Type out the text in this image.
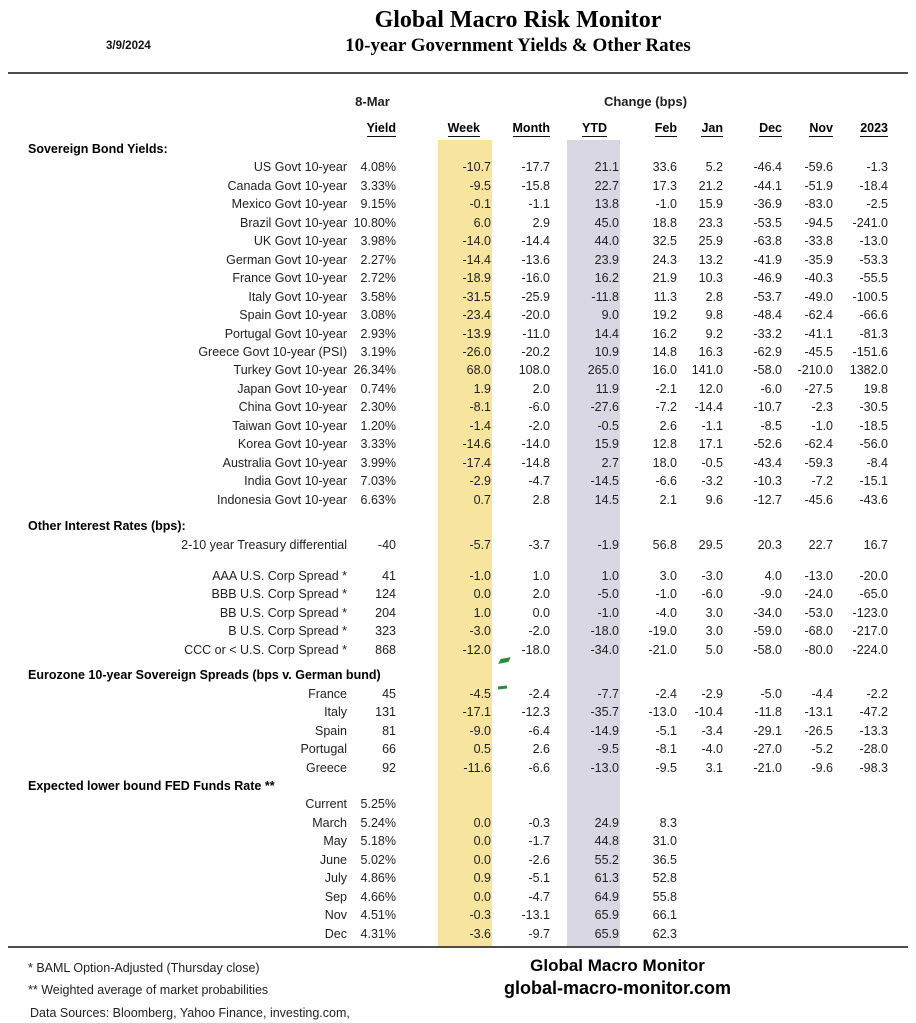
3/9/2024
Global Macro Risk Monitor
10-year Government Yields & Other Rates
8-Mar	Change (bps)
	Yield		Week	Month		YTD	Feb	Jan	Dec	Nov	2023
Sovereign Bond Yields:											
US Govt 10-year	4.08%		-10.7	-17.7		21.1	33.6	5.2	-46.4	-59.6	-1.3
Canada Govt 10-year	3.33%		-9.5	-15.8		22.7	17.3	21.2	-44.1	-51.9	-18.4
Mexico Govt 10-year	9.15%		-0.1	-1.1		13.8	-1.0	15.9	-36.9	-83.0	-2.5
Brazil Govt 10-year	10.80%		6.0	2.9		45.0	18.8	23.3	-53.5	-94.5	-241.0
UK Govt 10-year	3.98%		-14.0	-14.4		44.0	32.5	25.9	-63.8	-33.8	-13.0
German Govt 10-year	2.27%		-14.4	-13.6		23.9	24.3	13.2	-41.9	-35.9	-53.3
France Govt 10-year	2.72%		-18.9	-16.0		16.2	21.9	10.3	-46.9	-40.3	-55.5
Italy Govt 10-year	3.58%		-31.5	-25.9		-11.8	11.3	2.8	-53.7	-49.0	-100.5
Spain Govt 10-year	3.08%		-23.4	-20.0		9.0	19.2	9.8	-48.4	-62.4	-66.6
Portugal Govt 10-year	2.93%		-13.9	-11.0		14.4	16.2	9.2	-33.2	-41.1	-81.3
Greece Govt 10-year (PSI)	3.19%		-26.0	-20.2		10.9	14.8	16.3	-62.9	-45.5	-151.6
Turkey Govt 10-year	26.34%		68.0	108.0		265.0	16.0	141.0	-58.0	-210.0	1382.0
Japan Govt 10-year	0.74%		1.9	2.0		11.9	-2.1	12.0	-6.0	-27.5	19.8
China Govt 10-year	2.30%		-8.1	-6.0		-27.6	-7.2	-14.4	-10.7	-2.3	-30.5
Taiwan Govt 10-year	1.20%		-1.4	-2.0		-0.5	2.6	-1.1	-8.5	-1.0	-18.5
Korea Govt 10-year	3.33%		-14.6	-14.0		15.9	12.8	17.1	-52.6	-62.4	-56.0
Australia Govt 10-year	3.99%		-17.4	-14.8		2.7	18.0	-0.5	-43.4	-59.3	-8.4
India Govt 10-year	7.03%		-2.9	-4.7		-14.5	-6.6	-3.2	-10.3	-7.2	-15.1
Indonesia Govt 10-year	6.63%		0.7	2.8		14.5	2.1	9.6	-12.7	-45.6	-43.6

Other Interest Rates (bps):											
2-10 year Treasury differential	-40		-5.7	-3.7		-1.9	56.8	29.5	20.3	22.7	16.7

AAA U.S. Corp Spread *	41		-1.0	1.0		1.0	3.0	-3.0	4.0	-13.0	-20.0
BBB U.S. Corp Spread *	124		0.0	2.0		-5.0	-1.0	-6.0	-9.0	-24.0	-65.0
BB U.S. Corp Spread *	204		1.0	0.0		-1.0	-4.0	3.0	-34.0	-53.0	-123.0
B U.S. Corp Spread *	323		-3.0	-2.0		-18.0	-19.0	3.0	-59.0	-68.0	-217.0
CCC or < U.S. Corp Spread *	868		-12.0	-18.0		-34.0	-21.0	5.0	-58.0	-80.0	-224.0

Eurozone 10-year Sovereign Spreads (bps v. German bund)											
France	45		-4.5	-2.4		-7.7	-2.4	-2.9	-5.0	-4.4	-2.2
Italy	131		-17.1	-12.3		-35.7	-13.0	-10.4	-11.8	-13.1	-47.2
Spain	81		-9.0	-6.4		-14.9	-5.1	-3.4	-29.1	-26.5	-13.3
Portugal	66		0.5	2.6		-9.5	-8.1	-4.0	-27.0	-5.2	-28.0
Greece	92		-11.6	-6.6		-13.0	-9.5	3.1	-21.0	-9.6	-98.3
Expected lower bound FED Funds Rate **											
Current	5.25%										
March	5.24%		0.0	-0.3		24.9	8.3				
May	5.18%		0.0	-1.7		44.8	31.0				
June	5.02%		0.0	-2.6		55.2	36.5				
July	4.86%		0.9	-5.1		61.3	52.8				
Sep	4.66%		0.0	-4.7		64.9	55.8				
Nov	4.51%		-0.3	-13.1		65.9	66.1				
Dec	4.31%		-3.6	-9.7		65.9	62.3				
* BAML Option-Adjusted (Thursday close)
** Weighted average of market probabilities
Data Sources: Bloomberg, Yahoo Finance, investing.com,
Global Macro Monitor
global-macro-monitor.com
